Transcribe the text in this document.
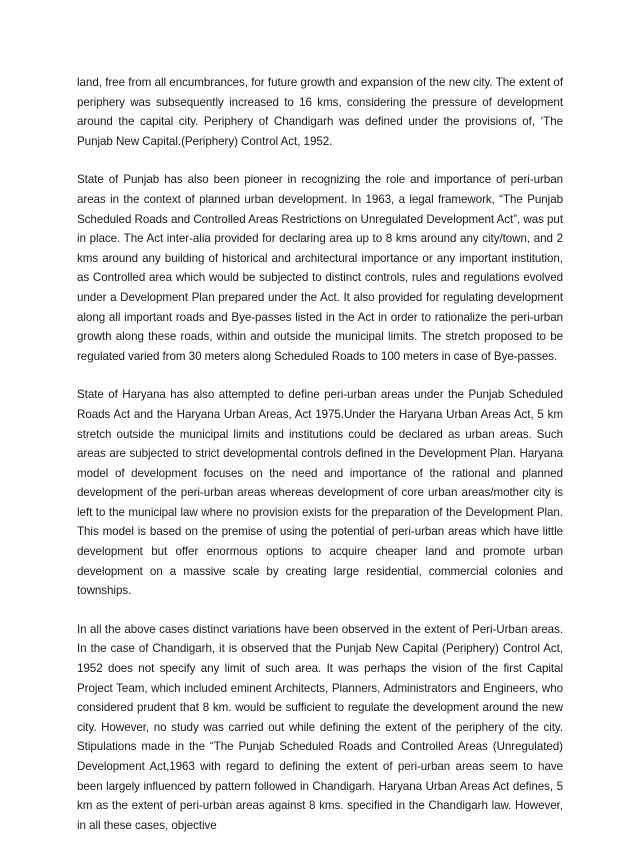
land, free from all encumbrances, for future growth and expansion of the new city. The extent of periphery was subsequently increased to 16 kms, considering the pressure of development around the capital city. Periphery of Chandigarh was defined under the provisions of, ‘The Punjab New Capital.(Periphery) Control Act, 1952.

State of Punjab has also been pioneer in recognizing the role and importance of peri-urban areas in the context of planned urban development. In 1963, a legal framework, “The Punjab Scheduled Roads and Controlled Areas Restrictions on Unregulated Development Act”, was put in place. The Act inter-alia provided for declaring area up to 8 kms around any city/town, and 2 kms around any building of historical and architectural importance or any important institution, as Controlled area which would be subjected to distinct controls, rules and regulations evolved under a Development Plan prepared under the Act. It also provided for regulating development along all important roads and Bye-passes listed in the Act in order to rationalize the peri-urban growth along these roads, within and outside the municipal limits. The stretch proposed to be regulated varied from 30 meters along Scheduled Roads to 100 meters in case of Bye-passes.

State of Haryana has also attempted to define peri-urban areas under the Punjab Scheduled Roads Act and the Haryana Urban Areas, Act 1975.Under the Haryana Urban Areas Act, 5 km stretch outside the municipal limits and institutions could be declared as urban areas. Such areas are subjected to strict developmental controls defined in the Development Plan. Haryana model of development focuses on the need and importance of the rational and planned development of the peri-urban areas whereas development of core urban areas/mother city is left to the municipal law where no provision exists for the preparation of the Development Plan. This model is based on the premise of using the potential of peri-urban areas which have little development but offer enormous options to acquire cheaper land and promote urban development on a massive scale by creating large residential, commercial colonies and townships.

In all the above cases distinct variations have been observed in the extent of Peri-Urban areas. In the case of Chandigarh, it is observed that the Punjab New Capital (Periphery) Control Act, 1952 does not specify any limit of such area. It was perhaps the vision of the first Capital Project Team, which included eminent Architects, Planners, Administrators and Engineers, who considered prudent that 8 km. would be sufficient to regulate the development around the new city. However, no study was carried out while defining the extent of the periphery of the city. Stipulations made in the “The Punjab Scheduled Roads and Controlled Areas (Unregulated) Development Act,1963 with regard to defining the extent of peri-urban areas seem to have been largely influenced by pattern followed in Chandigarh. Haryana Urban Areas Act defines, 5 km as the extent of peri-urban areas against 8 kms. specified in the Chandigarh law. However, in all these cases, objective
